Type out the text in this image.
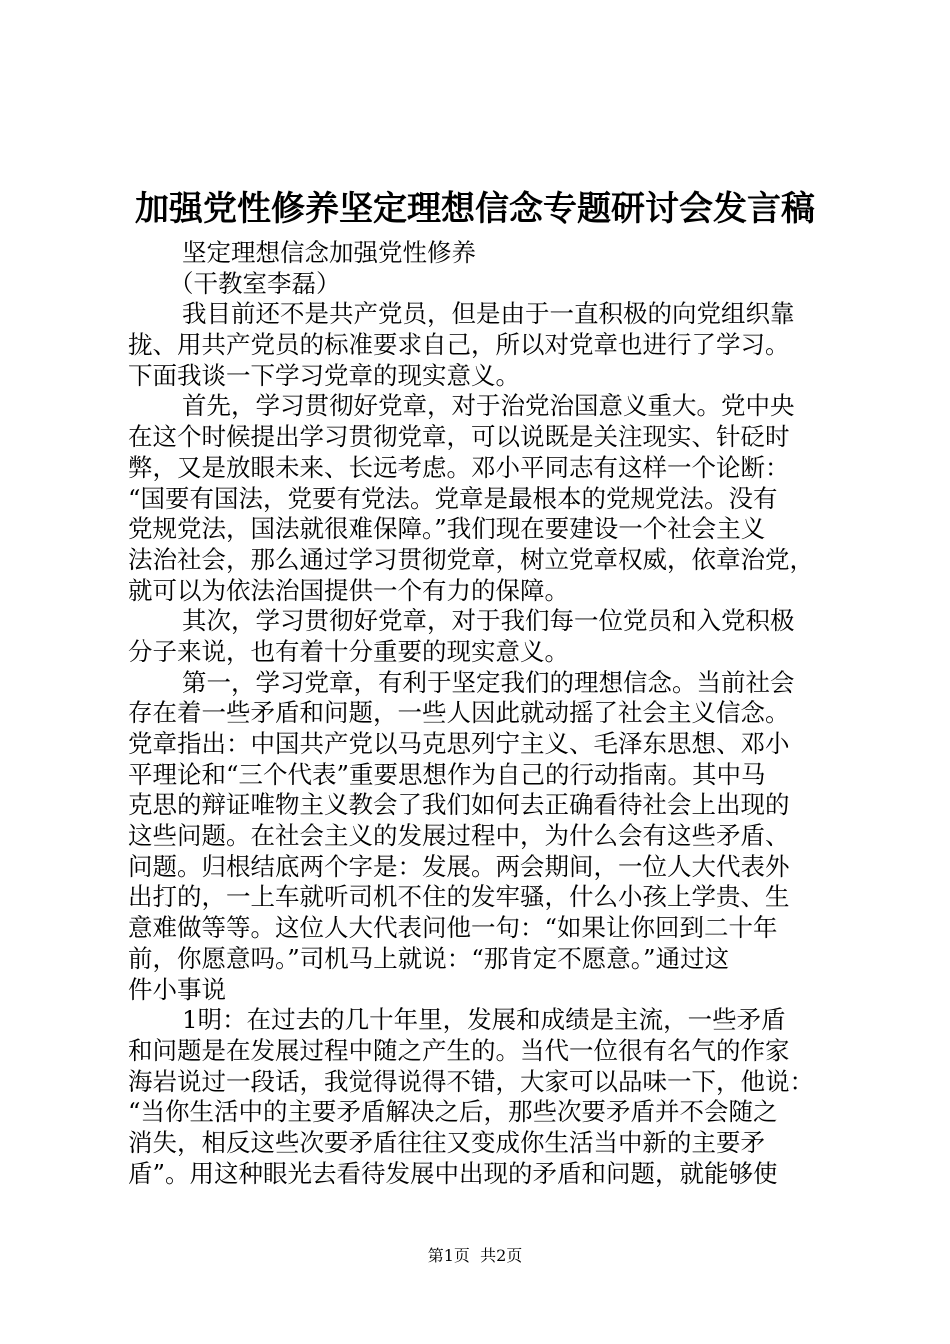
加强党性修养坚定理想信念专题研讨会发言稿
坚定理想信念加强党性修养
（干教室李磊）
我目前还不是共产党员，但是由于一直积极的向党组织靠
拢、用共产党员的标准要求自己，所以对党章也进行了学习。
下面我谈一下学习党章的现实意义。
首先，学习贯彻好党章，对于治党治国意义重大。党中央
在这个时候提出学习贯彻党章，可以说既是关注现实、针砭时
弊，又是放眼未来、长远考虑。邓小平同志有这样一个论断：
“国要有国法，党要有党法。党章是最根本的党规党法。没有
党规党法，国法就很难保障。”我们现在要建设一个社会主义
法治社会，那么通过学习贯彻党章，树立党章权威，依章治党，
就可以为依法治国提供一个有力的保障。
其次，学习贯彻好党章，对于我们每一位党员和入党积极
分子来说，也有着十分重要的现实意义。
第一，学习党章，有利于坚定我们的理想信念。当前社会
存在着一些矛盾和问题，一些人因此就动摇了社会主义信念。
党章指出：中国共产党以马克思列宁主义、毛泽东思想、邓小
平理论和“三个代表”重要思想作为自己的行动指南。其中马
克思的辩证唯物主义教会了我们如何去正确看待社会上出现的
这些问题。在社会主义的发展过程中，为什么会有这些矛盾、
问题。归根结底两个字是：发展。两会期间，一位人大代表外
出打的，一上车就听司机不住的发牢骚，什么小孩上学贵、生
意难做等等。这位人大代表问他一句：“如果让你回到二十年
前，你愿意吗。”司机马上就说：“那肯定不愿意。”通过这
件小事说
1明：在过去的几十年里，发展和成绩是主流，一些矛盾
和问题是在发展过程中随之产生的。当代一位很有名气的作家
海岩说过一段话，我觉得说得不错，大家可以品味一下，他说：
“当你生活中的主要矛盾解决之后，那些次要矛盾并不会随之
消失，相反这些次要矛盾往往又变成你生活当中新的主要矛
盾”。用这种眼光去看待发展中出现的矛盾和问题，就能够使
第1页  共2页
